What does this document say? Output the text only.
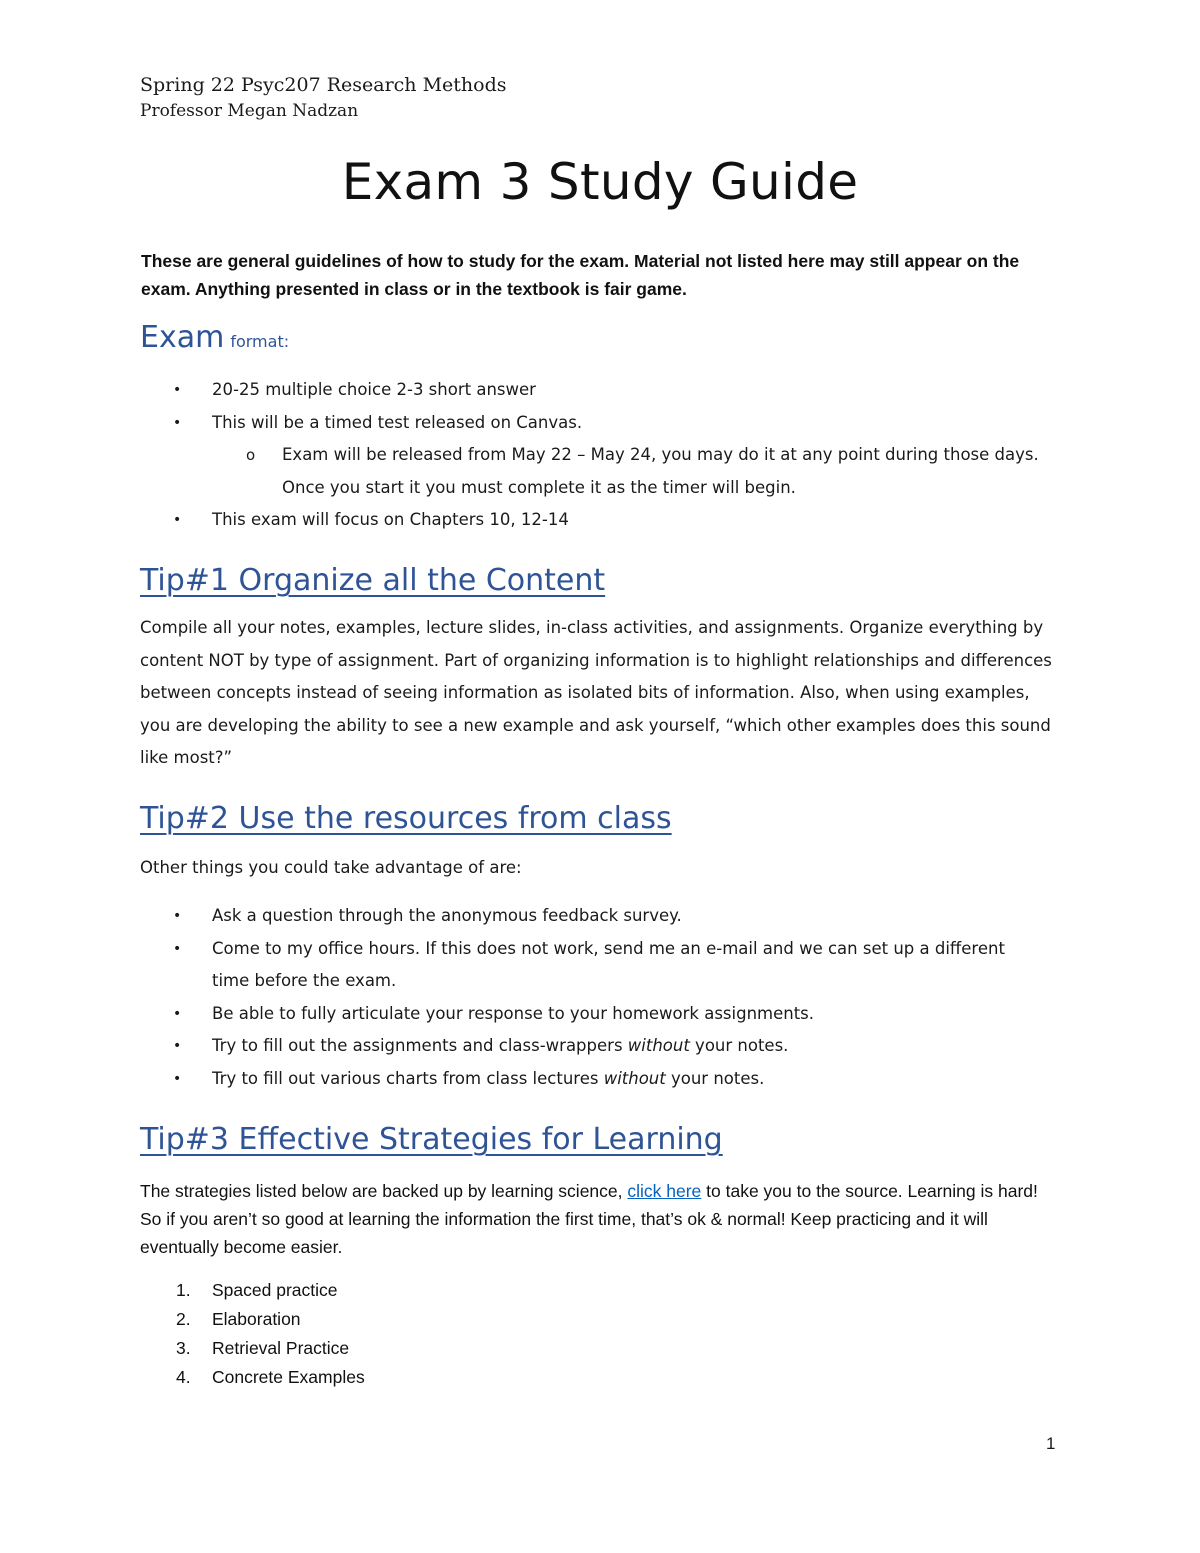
Spring 22 Psyc207 Research Methods
Professor Megan Nadzan
Exam 3 Study Guide
These are general guidelines of how to study for the exam. Material not listed here may still appear on the exam. Anything presented in class or in the textbook is fair game.
Exam format:
• 20-25 multiple choice 2-3 short answer
• This will be a timed test released on Canvas.
o Exam will be released from May 22 – May 24, you may do it at any point during those days. Once you start it you must complete it as the timer will begin.
• This exam will focus on Chapters 10, 12-14
Tip#1 Organize all the Content
Compile all your notes, examples, lecture slides, in-class activities, and assignments. Organize everything by content NOT by type of assignment. Part of organizing information is to highlight relationships and differences between concepts instead of seeing information as isolated bits of information. Also, when using examples, you are developing the ability to see a new example and ask yourself, “which other examples does this sound like most?”
Tip#2 Use the resources from class
Other things you could take advantage of are:
• Ask a question through the anonymous feedback survey.
• Come to my office hours. If this does not work, send me an e-mail and we can set up a different time before the exam.
• Be able to fully articulate your response to your homework assignments.
• Try to fill out the assignments and class-wrappers without your notes.
• Try to fill out various charts from class lectures without your notes.
Tip#3 Effective Strategies for Learning
The strategies listed below are backed up by learning science, click here to take you to the source. Learning is hard! So if you aren’t so good at learning the information the first time, that’s ok & normal! Keep practicing and it will eventually become easier.
1. Spaced practice
2. Elaboration
3. Retrieval Practice
4. Concrete Examples
1
